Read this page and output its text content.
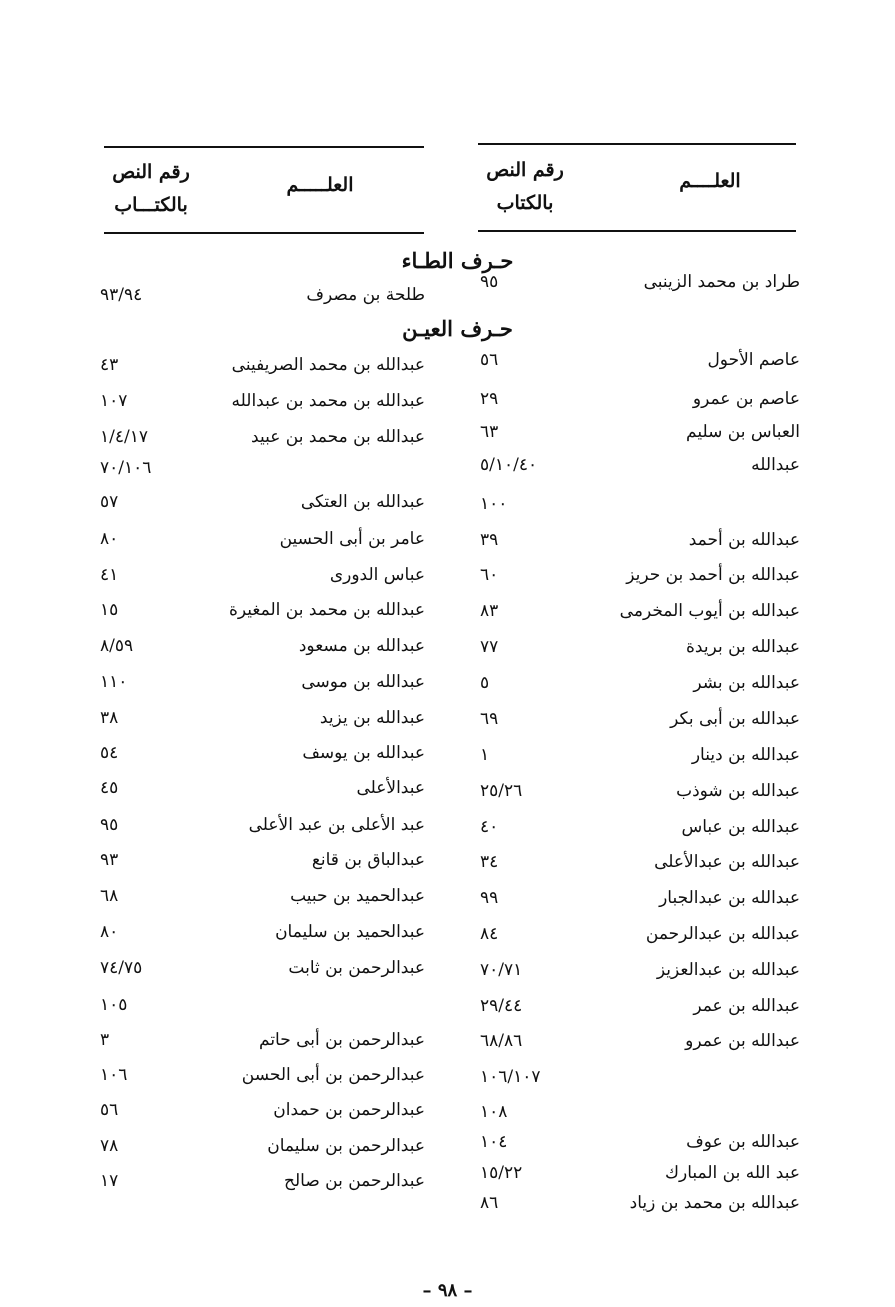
العلــــم
رقم النص
بالكتاب
العلـــــم
رقم النص
بالكتـــاب
حـرف الطـاء
حـرف العيـن
طراد بن محمد الزينبى
٩٥
عاصم الأحول
٥٦
عاصم بن عمرو
٢٩
العباس بن سليم
٦٣
عبدالله
٥/١٠/٤٠
١٠٠
عبدالله بن أحمد
٣٩
عبدالله بن أحمد بن حريز
٦٠
عبدالله بن أيوب المخرمى
٨٣
عبدالله بن بريدة
٧٧
عبدالله بن بشر
٥
عبدالله بن أبى بكر
٦٩
عبدالله بن دينار
١
عبدالله بن شوذب
٢٥/٢٦
عبدالله بن عباس
٤٠
عبدالله بن عبدالأعلى
٣٤
عبدالله بن عبدالجبار
٩٩
عبدالله بن عبدالرحمن
٨٤
عبدالله بن عبدالعزيز
٧٠/٧١
عبدالله بن عمر
٢٩/٤٤
عبدالله بن عمرو
٦٨/٨٦
١٠٦/١٠٧
١٠٨
عبدالله بن عوف
١٠٤
عبد الله بن المبارك
١٥/٢٢
عبدالله بن محمد بن زياد
٨٦
طلحة بن مصرف
٩٣/٩٤
عبدالله بن محمد الصريفينى
٤٣
عبدالله بن محمد بن عبدالله
١٠٧
عبدالله بن محمد بن عبيد
١/٤/١٧
٧٠/١٠٦
عبدالله بن العتكى
٥٧
عامر بن أبى الحسين
٨٠
عباس الدورى
٤١
عبدالله بن محمد بن المغيرة
١٥
عبدالله بن مسعود
٨/٥٩
عبدالله بن موسى
١١٠
عبدالله بن يزيد
٣٨
عبدالله بن يوسف
٥٤
عبدالأعلى
٤٥
عبد الأعلى بن عبد الأعلى
٩٥
عبدالباق بن قانع
٩٣
عبدالحميد بن حبيب
٦٨
عبدالحميد بن سليمان
٨٠
عبدالرحمن بن ثابت
٧٤/٧٥
١٠٥
عبدالرحمن بن أبى حاتم
٣
عبدالرحمن بن أبى الحسن
١٠٦
عبدالرحمن بن حمدان
٥٦
عبدالرحمن بن سليمان
٧٨
عبدالرحمن بن صالح
١٧
– ٩٨ –
